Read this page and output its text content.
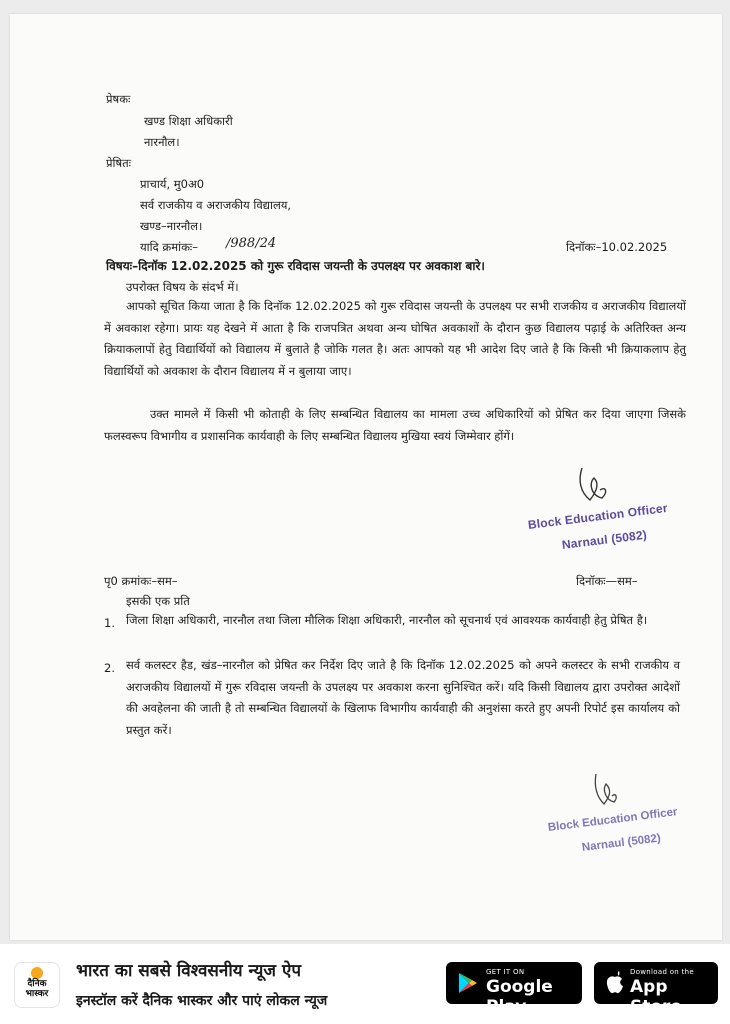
प्रेषकः
खण्ड शिक्षा अधिकारी
नारनौल।
प्रेषितः
प्राचार्य, मु0अ0
सर्व राजकीय व अराजकीय विद्यालय,
खण्ड–नारनौल।
यादि क्रमांकः– /988/24	दिनॉकः–10.02.2025
विषयः–दिनॉक 12.02.2025 को गुरू रविदास जयन्ती के उपलक्ष्य पर अवकाश बारे।
उपरोक्त विषय के संदर्भ में।
आपको सूचित किया जाता है कि दिनॉक 12.02.2025 को गुरू रविदास जयन्ती के उपलक्ष्य पर सभी राजकीय व अराजकीय विद्यालयों में अवकाश रहेगा। प्रायः यह देखने में आता है कि राजपत्रित अथवा अन्य घोषित अवकाशों के दौरान कुछ विद्यालय पढ़ाई के अतिरिक्त अन्य क्रियाकलापों हेतु विद्यार्थियों को विद्यालय में बुलाते है जोकि गलत है। अतः आपको यह भी आदेश दिए जाते है कि किसी भी क्रियाकलाप हेतु विद्यार्थियों को अवकाश के दौरान विद्यालय में न बुलाया जाए।
उक्त मामले में किसी भी कोताही के लिए सम्बन्धित विद्यालय का मामला उच्च अधिकारियों को प्रेषित कर दिया जाएगा जिसके फलस्वरूप विभागीय व प्रशासनिक कार्यवाही के लिए सम्बन्धित विद्यालय मुखिया स्वयं जिम्मेवार होंगें।
Block Education Officer
Narnaul (5082)
पृ0 क्रमांकः–सम–	दिनॉकः—सम–
इसकी एक प्रति
1. जिला शिक्षा अधिकारी, नारनौल तथा जिला मौलिक शिक्षा अधिकारी, नारनौल को सूचनार्थ एवं आवश्यक कार्यवाही हेतु प्रेषित है।
2. सर्व कलस्टर हैड, खंड–नारनौल को प्रेषित कर निर्देश दिए जाते है कि दिनॉक 12.02.2025 को अपने कलस्टर के सभी राजकीय व अराजकीय विद्यालयों में गुरू रविदास जयन्ती के उपलक्ष्य पर अवकाश करना सुनिश्चित करें। यदि किसी विद्यालय द्वारा उपरोक्त आदेशों की अवहेलना की जाती है तो सम्बन्धित विद्यालयों के खिलाफ विभागीय कार्यवाही की अनुशंसा करते हुए अपनी रिपोर्ट इस कार्यालय को प्रस्तुत करें।
Block Education Officer
Narnaul (5082)
दैनिक भास्कर
भारत का सबसे विश्वसनीय न्यूज ऐप
इनस्टॉल करें दैनिक भास्कर और पाएं लोकल न्यूज
GET IT ON
Google Play
Download on the
App Store
